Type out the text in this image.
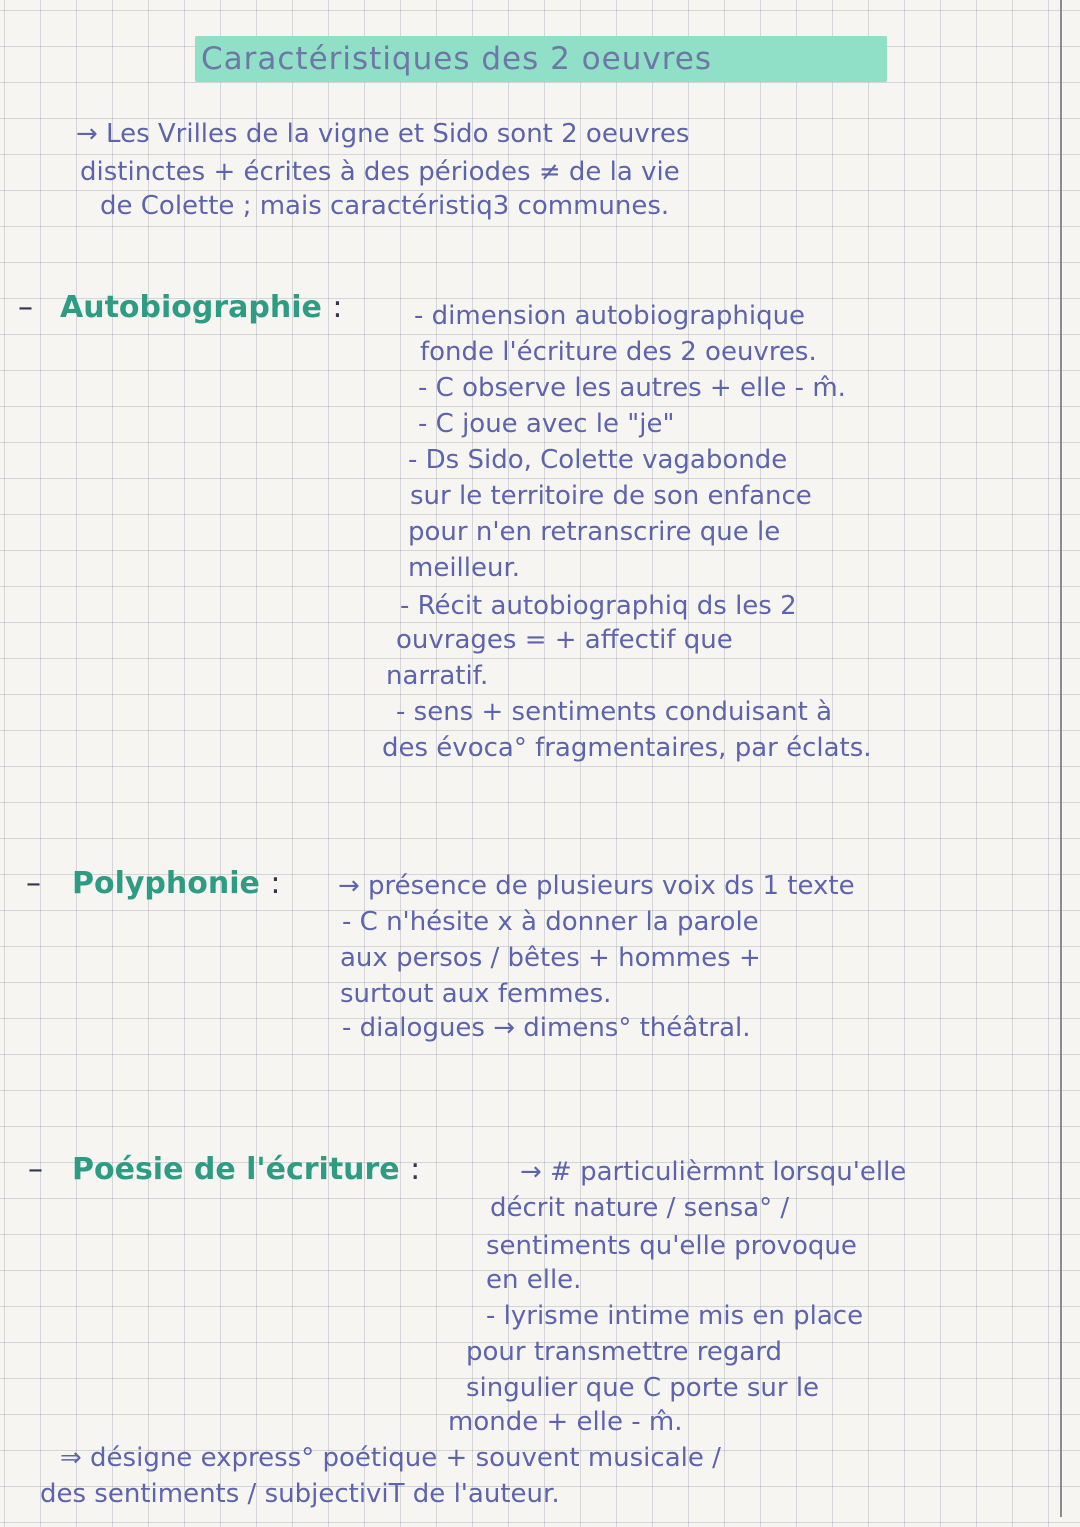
Caractéristiques des 2 oeuvres
→ Les Vrilles de la vigne et Sido sont 2 oeuvres
distinctes + écrites à des périodes ≠ de la vie
de Colette ; mais caractéristiq3 communes.
– Autobiographie :	- dimension autobiographique
fonde l'écriture des 2 oeuvres.
- C observe les autres + elle - m̂.
- C joue avec le "je"
- Ds Sido, Colette vagabonde
sur le territoire de son enfance
pour n'en retranscrire que le
meilleur.
- Récit autobiographiq ds les 2
ouvrages = + affectif que
narratif.
- sens + sentiments conduisant à
des évoca° fragmentaires, par éclats.
– Polyphonie : → présence de plusieurs voix ds 1 texte
- C n'hésite x à donner la parole
aux persos / bêtes + hommes +
surtout aux femmes.
- dialogues → dimens° théâtral.
– Poésie de l'écriture :	→ # particulièrmnt lorsqu'elle
décrit nature / sensa° /
sentiments qu'elle provoque
en elle.
- lyrisme intime mis en place
pour transmettre regard
singulier que C porte sur le
monde + elle - m̂.
⇒ désigne express° poétique + souvent musicale /
des sentiments / subjectiviT de l'auteur.
